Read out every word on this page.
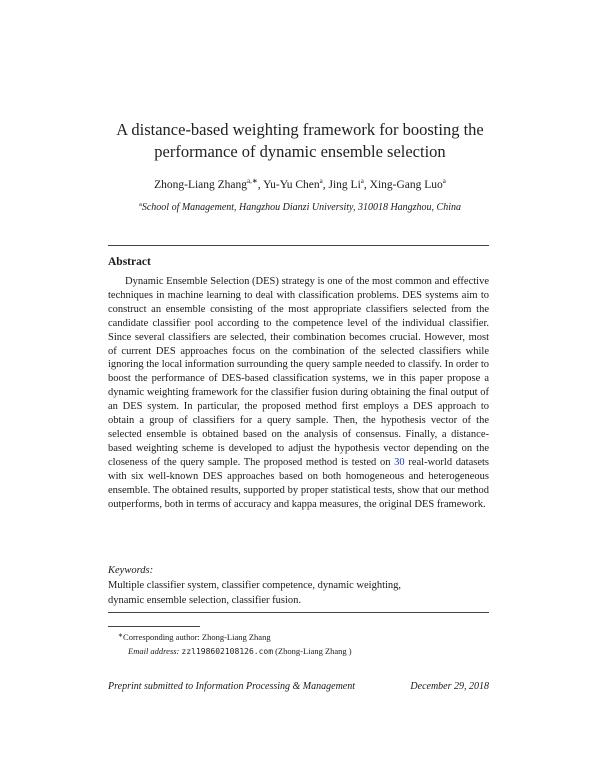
A distance-based weighting framework for boosting the
performance of dynamic ensemble selection
Zhong-Liang Zhang$^{a,∗}$, Yu-Yu Chen$^a$, Jing Li$^a$, Xing-Gang Luo$^a$
$^a$School of Management, Hangzhou Dianzi University, 310018 Hangzhou, China
Abstract
Dynamic Ensemble Selection (DES) strategy is one of the most common and effective techniques in machine learning to deal with classification problems. DES systems aim to construct an ensemble consisting of the most appropriate classifiers selected from the candidate classifier pool according to the competence level of the individual classifier. Since several classifiers are selected, their combination becomes crucial. However, most of current DES approaches focus on the combination of the selected classifiers while ignoring the local information surrounding the query sample needed to classify. In order to boost the performance of DES-based classification systems, we in this paper propose a dynamic weighting framework for the classifier fusion during obtaining the final output of an DES system. In particular, the proposed method first employs a DES approach to obtain a group of classifiers for a query sample. Then, the hypothesis vector of the selected ensemble is obtained based on the analysis of consensus. Finally, a distance-based weighting scheme is developed to adjust the hypothesis vector depending on the closeness of the query sample. The proposed method is tested on 30 real-world datasets with six well-known DES approaches based on both homogeneous and heterogeneous ensemble. The obtained results, supported by proper statistical tests, show that our method outperforms, both in terms of accuracy and kappa measures, the original DES framework.
Keywords:
Multiple classifier system, classifier competence, dynamic weighting,
dynamic ensemble selection, classifier fusion.
∗Corresponding author: Zhong-Liang Zhang
Email address: zzl198602108126.com (Zhong-Liang Zhang )
Preprint submitted to Information Processing & Management	December 29, 2018
